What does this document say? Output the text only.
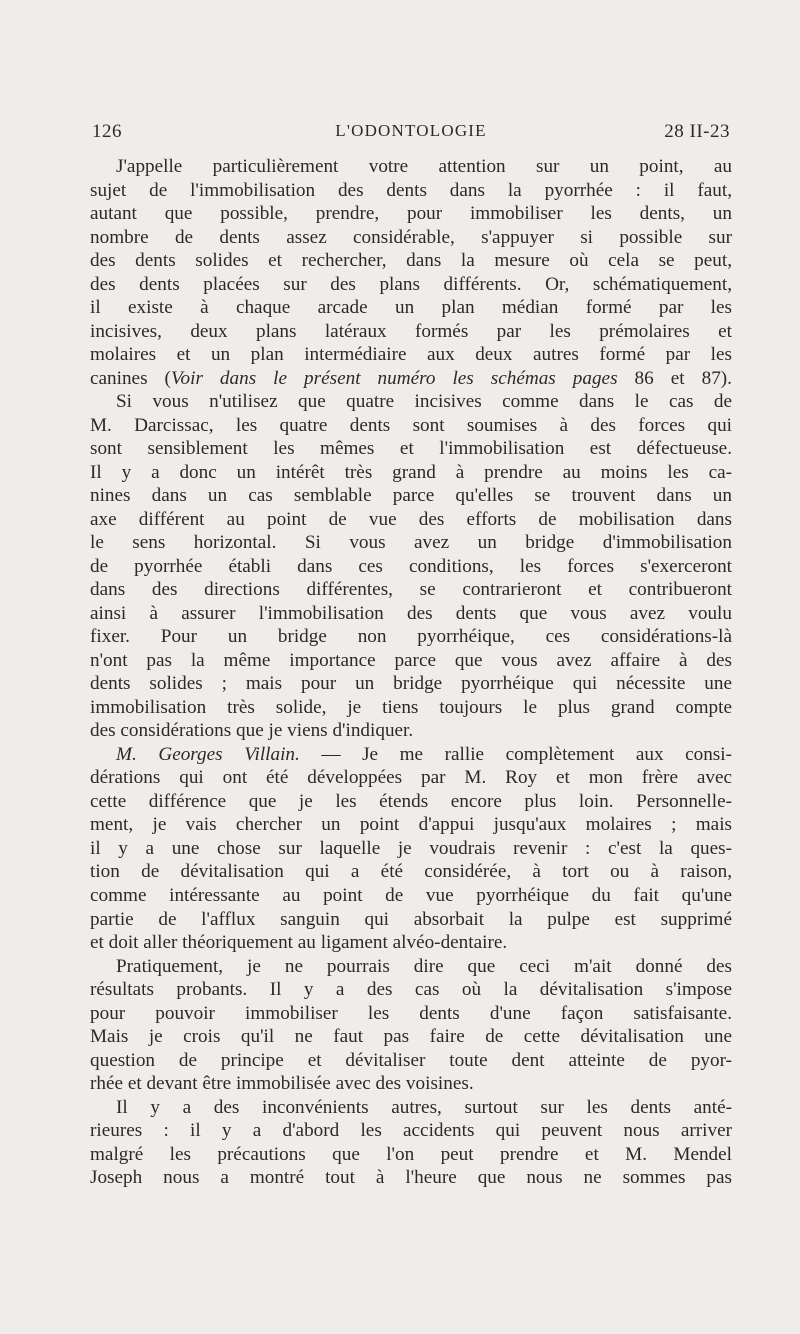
126	L'ODONTOLOGIE	28 II-23
J'appelle particulièrement votre attention sur un point, au
sujet de l'immobilisation des dents dans la pyorrhée : il faut,
autant que possible, prendre, pour immobiliser les dents, un
nombre de dents assez considérable, s'appuyer si possible sur
des dents solides et rechercher, dans la mesure où cela se peut,
des dents placées sur des plans différents. Or, schématiquement,
il existe à chaque arcade un plan médian formé par les
incisives, deux plans latéraux formés par les prémolaires et
molaires et un plan intermédiaire aux deux autres formé par les
canines (Voir dans le présent numéro les schémas pages 86 et 87).
Si vous n'utilisez que quatre incisives comme dans le cas de
M. Darcissac, les quatre dents sont soumises à des forces qui
sont sensiblement les mêmes et l'immobilisation est défectueuse.
Il y a donc un intérêt très grand à prendre au moins les ca-
nines dans un cas semblable parce qu'elles se trouvent dans un
axe différent au point de vue des efforts de mobilisation dans
le sens horizontal. Si vous avez un bridge d'immobilisation
de pyorrhée établi dans ces conditions, les forces s'exerceront
dans des directions différentes, se contrarieront et contribueront
ainsi à assurer l'immobilisation des dents que vous avez voulu
fixer. Pour un bridge non pyorrhéique, ces considérations-là
n'ont pas la même importance parce que vous avez affaire à des
dents solides ; mais pour un bridge pyorrhéique qui nécessite une
immobilisation très solide, je tiens toujours le plus grand compte
des considérations que je viens d'indiquer.
M. Georges Villain. — Je me rallie complètement aux consi-
dérations qui ont été développées par M. Roy et mon frère avec
cette différence que je les étends encore plus loin. Personnelle-
ment, je vais chercher un point d'appui jusqu'aux molaires ; mais
il y a une chose sur laquelle je voudrais revenir : c'est la ques-
tion de dévitalisation qui a été considérée, à tort ou à raison,
comme intéressante au point de vue pyorrhéique du fait qu'une
partie de l'afflux sanguin qui absorbait la pulpe est supprimé
et doit aller théoriquement au ligament alvéo-dentaire.
Pratiquement, je ne pourrais dire que ceci m'ait donné des
résultats probants. Il y a des cas où la dévitalisation s'impose
pour pouvoir immobiliser les dents d'une façon satisfaisante.
Mais je crois qu'il ne faut pas faire de cette dévitalisation une
question de principe et dévitaliser toute dent atteinte de pyor-
rhée et devant être immobilisée avec des voisines.
Il y a des inconvénients autres, surtout sur les dents anté-
rieures : il y a d'abord les accidents qui peuvent nous arriver
malgré les précautions que l'on peut prendre et M. Mendel
Joseph nous a montré tout à l'heure que nous ne sommes pas
